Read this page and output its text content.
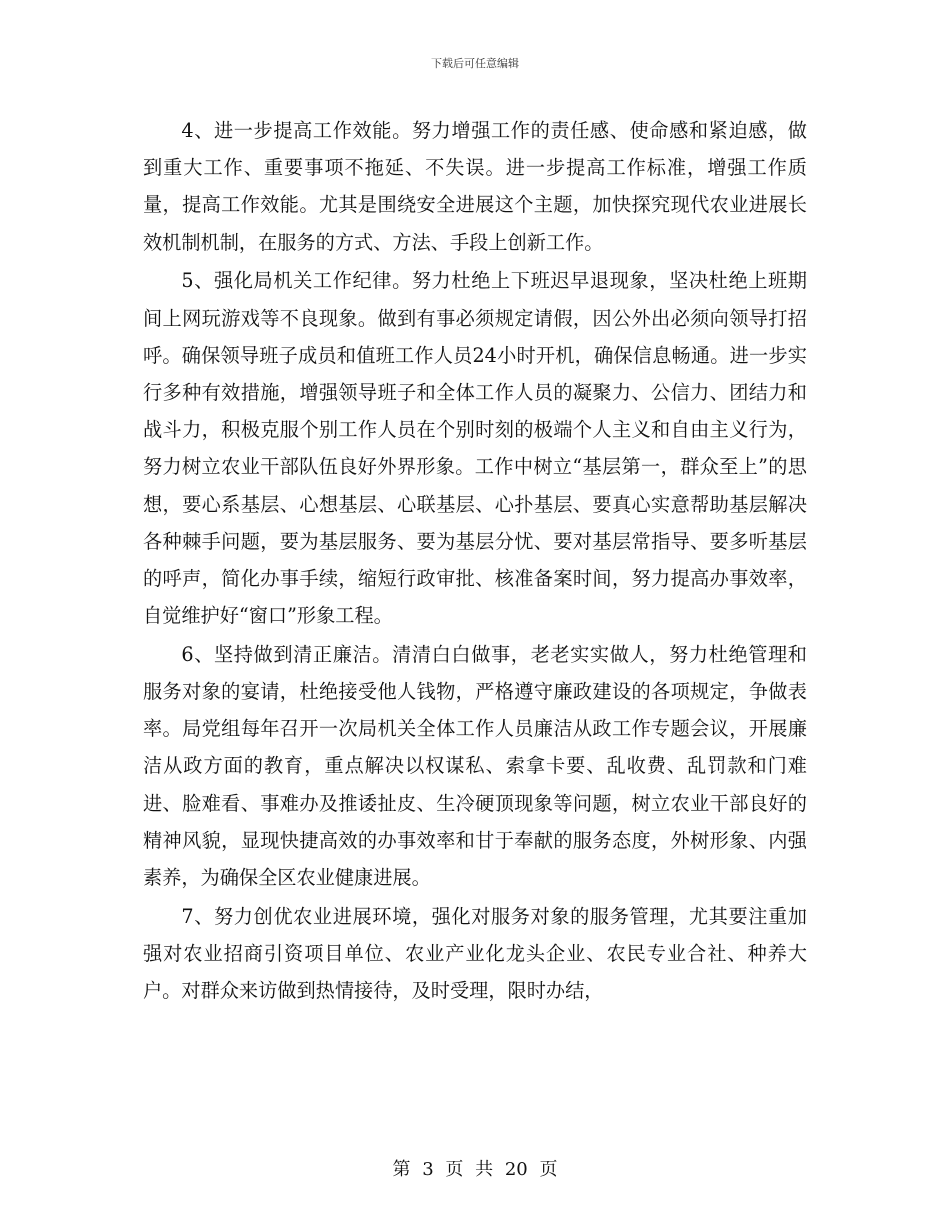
下载后可任意编辑

4、进一步提高工作效能。努力增强工作的责任感、使命感和紧迫感，做到重大工作、重要事项不拖延、不失误。进一步提高工作标准，增强工作质量，提高工作效能。尤其是围绕安全进展这个主题，加快探究现代农业进展长效机制机制，在服务的方式、方法、手段上创新工作。

5、强化局机关工作纪律。努力杜绝上下班迟早退现象，坚决杜绝上班期间上网玩游戏等不良现象。做到有事必须规定请假，因公外出必须向领导打招呼。确保领导班子成员和值班工作人员24小时开机，确保信息畅通。进一步实行多种有效措施，增强领导班子和全体工作人员的凝聚力、公信力、团结力和战斗力，积极克服个别工作人员在个别时刻的极端个人主义和自由主义行为，努力树立农业干部队伍良好外界形象。工作中树立“基层第一，群众至上”的思想，要心系基层、心想基层、心联基层、心扑基层、要真心实意帮助基层解决各种棘手问题，要为基层服务、要为基层分忧、要对基层常指导、要多听基层的呼声，简化办事手续，缩短行政审批、核准备案时间，努力提高办事效率，自觉维护好“窗口”形象工程。

6、坚持做到清正廉洁。清清白白做事，老老实实做人，努力杜绝管理和服务对象的宴请，杜绝接受他人钱物，严格遵守廉政建设的各项规定，争做表率。局党组每年召开一次局机关全体工作人员廉洁从政工作专题会议，开展廉洁从政方面的教育，重点解决以权谋私、索拿卡要、乱收费、乱罚款和门难进、脸难看、事难办及推诿扯皮、生冷硬顶现象等问题，树立农业干部良好的精神风貌，显现快捷高效的办事效率和甘于奉献的服务态度，外树形象、内强素养，为确保全区农业健康进展。

7、努力创优农业进展环境，强化对服务对象的服务管理，尤其要注重加强对农业招商引资项目单位、农业产业化龙头企业、农民专业合社、种养大户。对群众来访做到热情接待，及时受理，限时办结，

第 3 页 共 20 页
